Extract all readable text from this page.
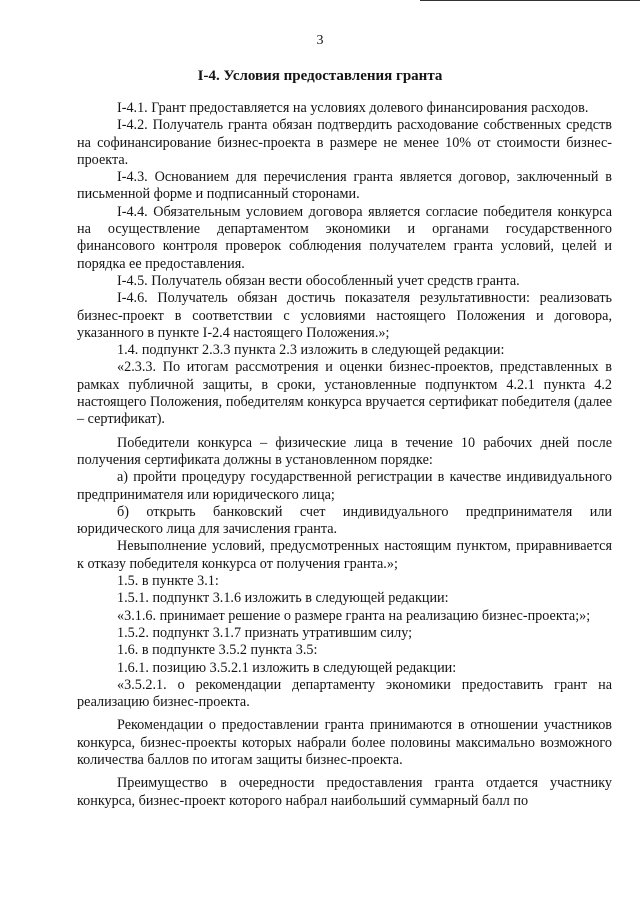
3
I-4. Условия предоставления гранта

I-4.1. Грант предоставляется на условиях долевого финансирования расходов.

I-4.2. Получатель гранта обязан подтвердить расходование собственных средств на софинансирование бизнес-проекта в размере не менее 10% от стоимости бизнес-проекта.

I-4.3. Основанием для перечисления гранта является договор, заключенный в письменной форме и подписанный сторонами.

I-4.4. Обязательным условием договора является согласие победителя конкурса на осуществление департаментом экономики и органами государственного финансового контроля проверок соблюдения получателем гранта условий, целей и порядка ее предоставления.

I-4.5. Получатель обязан вести обособленный учет средств гранта.

I-4.6. Получатель обязан достичь показателя результативности: реализовать бизнес-проект в соответствии с условиями настоящего Положения и договора, указанного в пункте I-2.4 настоящего Положения.»;

1.4. подпункт 2.3.3 пункта 2.3 изложить в следующей редакции:

«2.3.3. По итогам рассмотрения и оценки бизнес-проектов, представленных в рамках публичной защиты, в сроки, установленные подпунктом 4.2.1 пункта 4.2 настоящего Положения, победителям конкурса вручается сертификат победителя (далее – сертификат).

Победители конкурса – физические лица в течение 10 рабочих дней после получения сертификата должны в установленном порядке:

а) пройти процедуру государственной регистрации в качестве индивидуального предпринимателя или юридического лица;

б) открыть банковский счет индивидуального предпринимателя или юридического лица для зачисления гранта.

Невыполнение условий, предусмотренных настоящим пунктом, приравнивается к отказу победителя конкурса от получения гранта.»;

1.5. в пункте 3.1:

1.5.1. подпункт 3.1.6 изложить в следующей редакции:

«3.1.6. принимает решение о размере гранта на реализацию бизнес-проекта;»;

1.5.2. подпункт 3.1.7 признать утратившим силу;

1.6. в подпункте 3.5.2 пункта 3.5:

1.6.1. позицию 3.5.2.1 изложить в следующей редакции:

«3.5.2.1. о рекомендации департаменту экономики предоставить грант на реализацию бизнес-проекта.

Рекомендации о предоставлении гранта принимаются в отношении участников конкурса, бизнес-проекты которых набрали более половины максимально возможного количества баллов по итогам защиты бизнес-проекта.

Преимущество в очередности предоставления гранта отдается участнику конкурса, бизнес-проект которого набрал наибольший суммарный балл по
